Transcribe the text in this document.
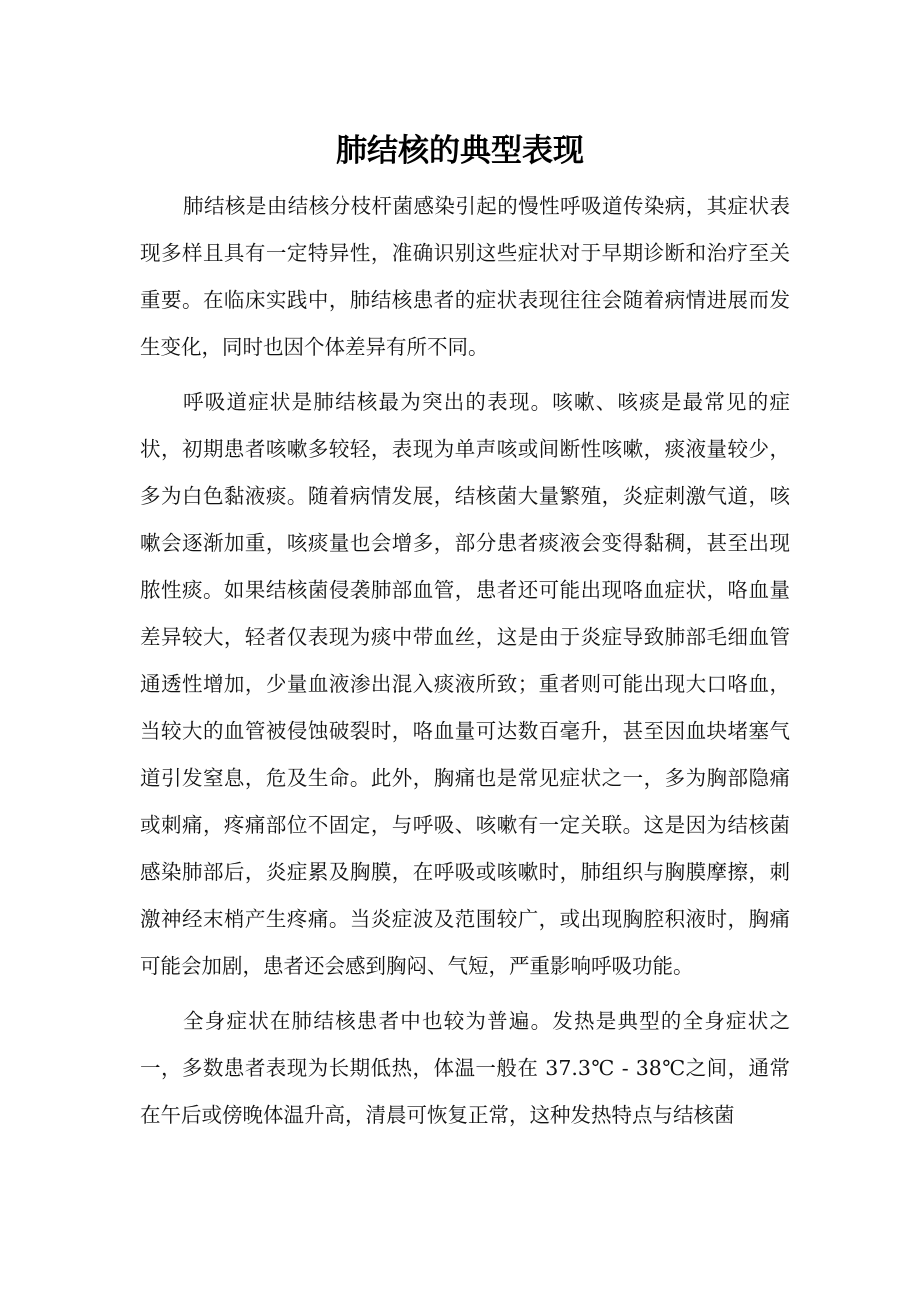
肺结核的典型表现

肺结核是由结核分枝杆菌感染引起的慢性呼吸道传染病，其症状表现多样且具有一定特异性，准确识别这些症状对于早期诊断和治疗至关重要。在临床实践中，肺结核患者的症状表现往往会随着病情进展而发生变化，同时也因个体差异有所不同。

呼吸道症状是肺结核最为突出的表现。咳嗽、咳痰是最常见的症状，初期患者咳嗽多较轻，表现为单声咳或间断性咳嗽，痰液量较少，多为白色黏液痰。随着病情发展，结核菌大量繁殖，炎症刺激气道，咳嗽会逐渐加重，咳痰量也会增多，部分患者痰液会变得黏稠，甚至出现脓性痰。如果结核菌侵袭肺部血管，患者还可能出现咯血症状，咯血量差异较大，轻者仅表现为痰中带血丝，这是由于炎症导致肺部毛细血管通透性增加，少量血液渗出混入痰液所致；重者则可能出现大口咯血，当较大的血管被侵蚀破裂时，咯血量可达数百毫升，甚至因血块堵塞气道引发窒息，危及生命。此外，胸痛也是常见症状之一，多为胸部隐痛或刺痛，疼痛部位不固定，与呼吸、咳嗽有一定关联。这是因为结核菌感染肺部后，炎症累及胸膜，在呼吸或咳嗽时，肺组织与胸膜摩擦，刺激神经末梢产生疼痛。当炎症波及范围较广，或出现胸腔积液时，胸痛可能会加剧，患者还会感到胸闷、气短，严重影响呼吸功能。

全身症状在肺结核患者中也较为普遍。发热是典型的全身症状之一，多数患者表现为长期低热，体温一般在 37.3℃ - 38℃之间，通常在午后或傍晚体温升高，清晨可恢复正常，这种发热特点与结核菌
